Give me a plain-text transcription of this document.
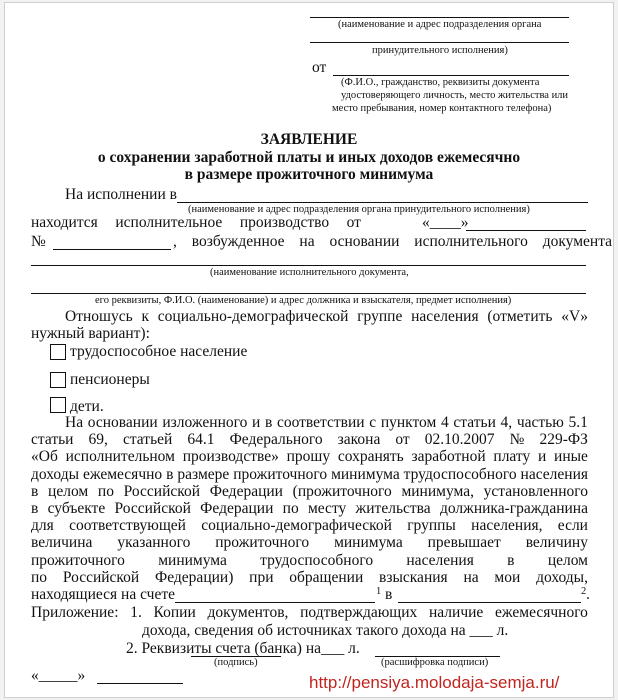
(наименование и адрес подразделения органа
принудительного исполнения)
от
(Ф.И.О., гражданство, реквизиты документа
удостоверяющего личность, место жительства или
место пребывания, номер контактного телефона)
ЗАЯВЛЕНИЕ
о сохранении заработной платы и иных доходов ежемесячно
в размере прожиточного минимума
На исполнении в
(наименование и адрес подразделения органа принудительного исполнения)
находится исполнительное производство от	«____»
№	, возбужденное на основании исполнительного документа
(наименование исполнительного документа,
его реквизиты, Ф.И.О. (наименование) и адрес должника и взыскателя, предмет исполнения)
Отношусь к социально-демографической группе населения (отметить «V»
нужный вариант):
трудоспособное население
пенсионеры
дети.
На основании изложенного и в соответствии с пунктом 4 статьи 4, частью 5.1
статьи 69, статьей 64.1 Федерального закона от 02.10.2007 № 229-ФЗ
«Об исполнительном производстве» прошу сохранять заработной плату и иные
доходы ежемесячно в размере прожиточного минимума трудоспособного населения
в целом по Российской Федерации (прожиточного минимума, установленного
в субъекте Российской Федерации по месту жительства должника-гражданина
для соответствующей социально-демографической группы населения, если
величина указанного прожиточного минимума превышает величину
прожиточного минимума трудоспособного населения в целом
по Российской Федерации) при обращении взыскания на мои доходы,
находящиеся на счете	1 в	2 .
Приложение: 1. Копии документов, подтверждающих наличие ежемесячного
дохода, сведения об источниках такого дохода на ___ л.
2. Реквизиты счета (банка) на___ л.
(подпись)	(расшифровка подписи)
«_____»	http://pensiya.molodaja-semja.ru/
